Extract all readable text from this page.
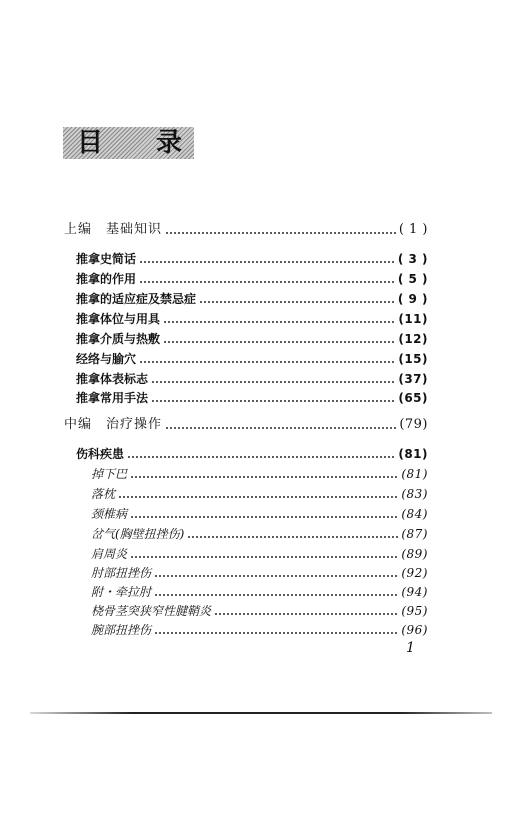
目 录
上编　基础知识	( 1 )
推拿史简话	( 3 )
推拿的作用	( 5 )
推拿的适应症及禁忌症	( 9 )
推拿体位与用具	(11)
推拿介质与热敷	(12)
经络与腧穴	(15)
推拿体表标志	(37)
推拿常用手法	(65)
中编　治疗操作	(79)
伤科疾患	(81)
掉下巴	(81)
落枕	(83)
颈椎病	(84)
岔气(胸壁扭挫伤)	(87)
肩周炎	(89)
肘部扭挫伤	(92)
附・牵拉肘	(94)
桡骨茎突狭窄性腱鞘炎	(95)
腕部扭挫伤	(96)
1
